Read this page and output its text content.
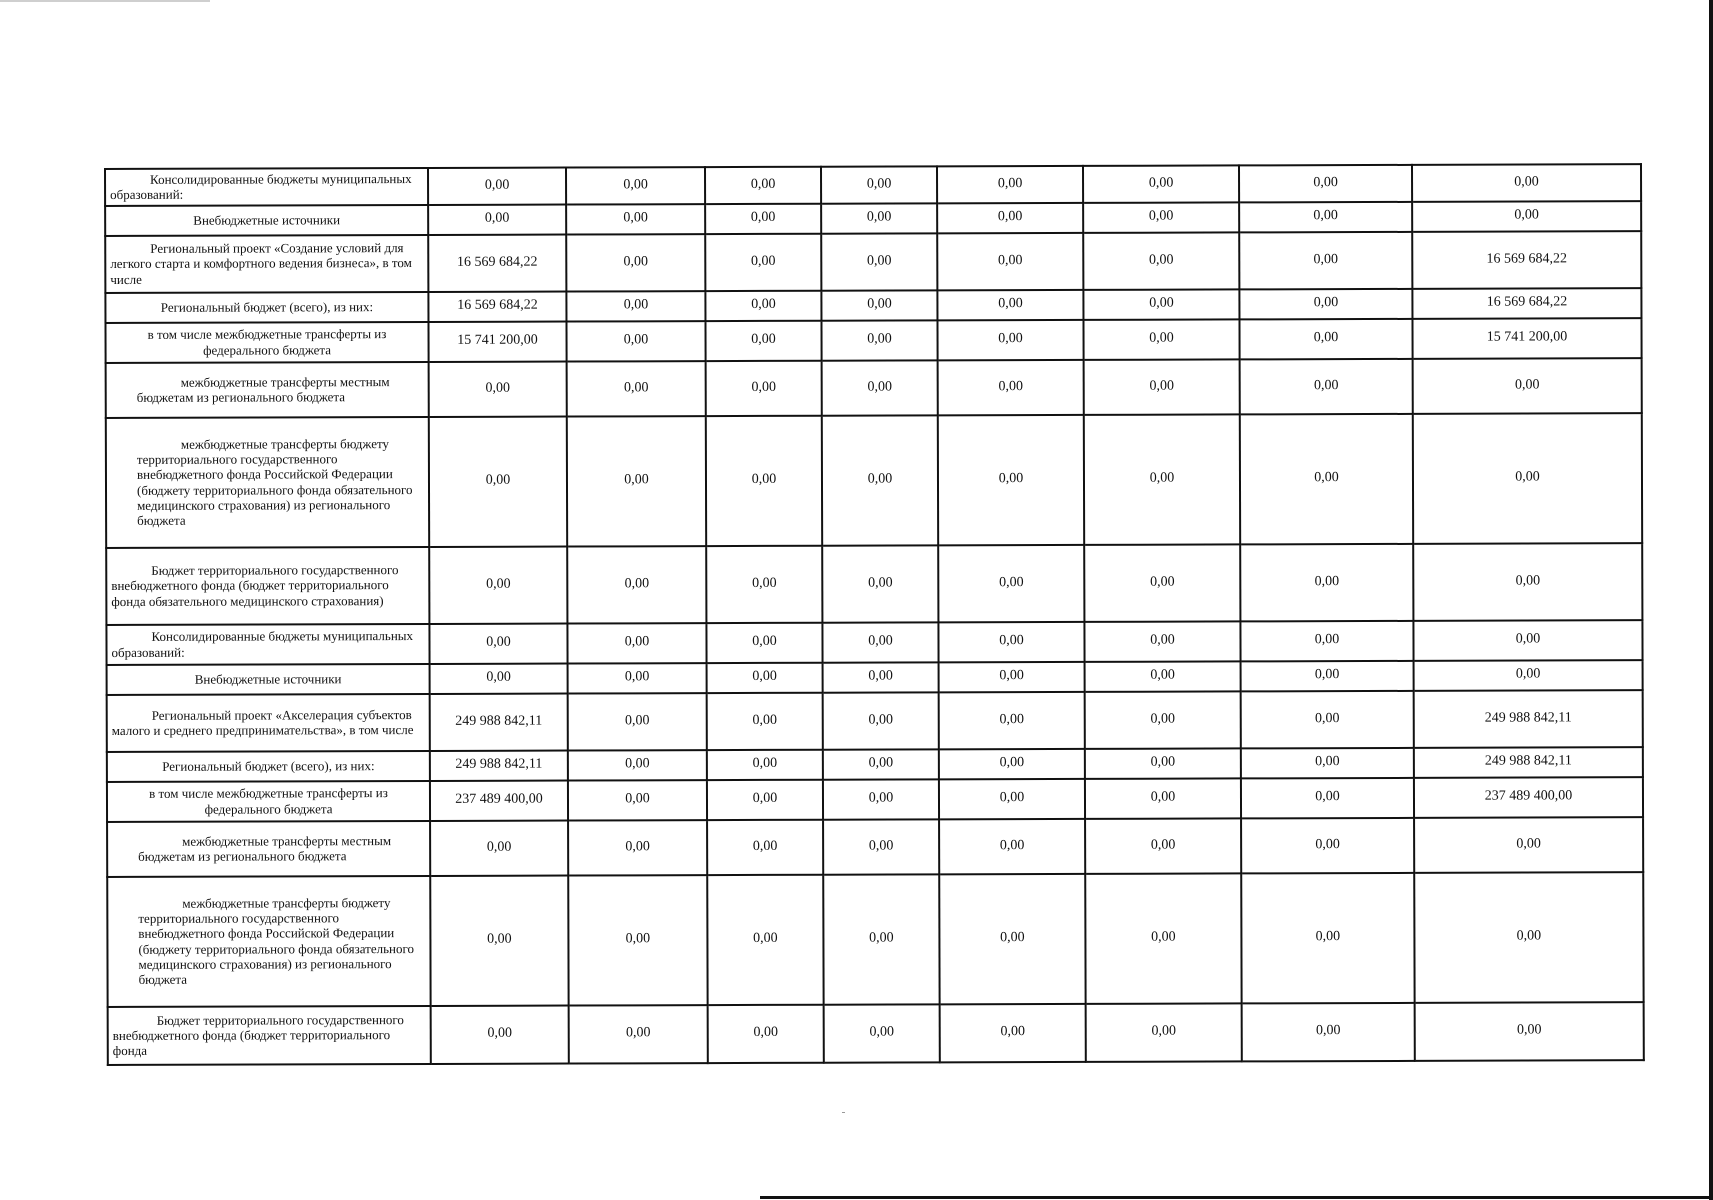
Консолидированные бюджеты муниципальных образований:	0,00	0,00	0,00	0,00	0,00	0,00	0,00	0,00
Внебюджетные источники	0,00	0,00	0,00	0,00	0,00	0,00	0,00	0,00
Региональный проект «Создание условий для легкого старта и комфортного ведения бизнеса», в том числе	16 569 684,22	0,00	0,00	0,00	0,00	0,00	0,00	16 569 684,22
Региональный бюджет (всего), из них:	16 569 684,22	0,00	0,00	0,00	0,00	0,00	0,00	16 569 684,22
в том числе межбюджетные трансферты из федерального бюджета	15 741 200,00	0,00	0,00	0,00	0,00	0,00	0,00	15 741 200,00
межбюджетные трансферты местным бюджетам из регионального бюджета	0,00	0,00	0,00	0,00	0,00	0,00	0,00	0,00
межбюджетные трансферты бюджету территориального государственного внебюджетного фонда Российской Федерации (бюджету территориального фонда обязательного медицинского страхования) из регионального бюджета	0,00	0,00	0,00	0,00	0,00	0,00	0,00	0,00
Бюджет территориального государственного внебюджетного фонда (бюджет территориального фонда обязательного медицинского страхования)	0,00	0,00	0,00	0,00	0,00	0,00	0,00	0,00
Консолидированные бюджеты муниципальных образований:	0,00	0,00	0,00	0,00	0,00	0,00	0,00	0,00
Внебюджетные источники	0,00	0,00	0,00	0,00	0,00	0,00	0,00	0,00
Региональный проект «Акселерация субъектов малого и среднего предпринимательства», в том числе	249 988 842,11	0,00	0,00	0,00	0,00	0,00	0,00	249 988 842,11
Региональный бюджет (всего), из них:	249 988 842,11	0,00	0,00	0,00	0,00	0,00	0,00	249 988 842,11
в том числе межбюджетные трансферты из федерального бюджета	237 489 400,00	0,00	0,00	0,00	0,00	0,00	0,00	237 489 400,00
межбюджетные трансферты местным бюджетам из регионального бюджета	0,00	0,00	0,00	0,00	0,00	0,00	0,00	0,00
межбюджетные трансферты бюджету территориального государственного внебюджетного фонда Российской Федерации (бюджету территориального фонда обязательного медицинского страхования) из регионального бюджета	0,00	0,00	0,00	0,00	0,00	0,00	0,00	0,00
Бюджет территориального государственного внебюджетного фонда (бюджет территориального фонда	0,00	0,00	0,00	0,00	0,00	0,00	0,00	0,00
